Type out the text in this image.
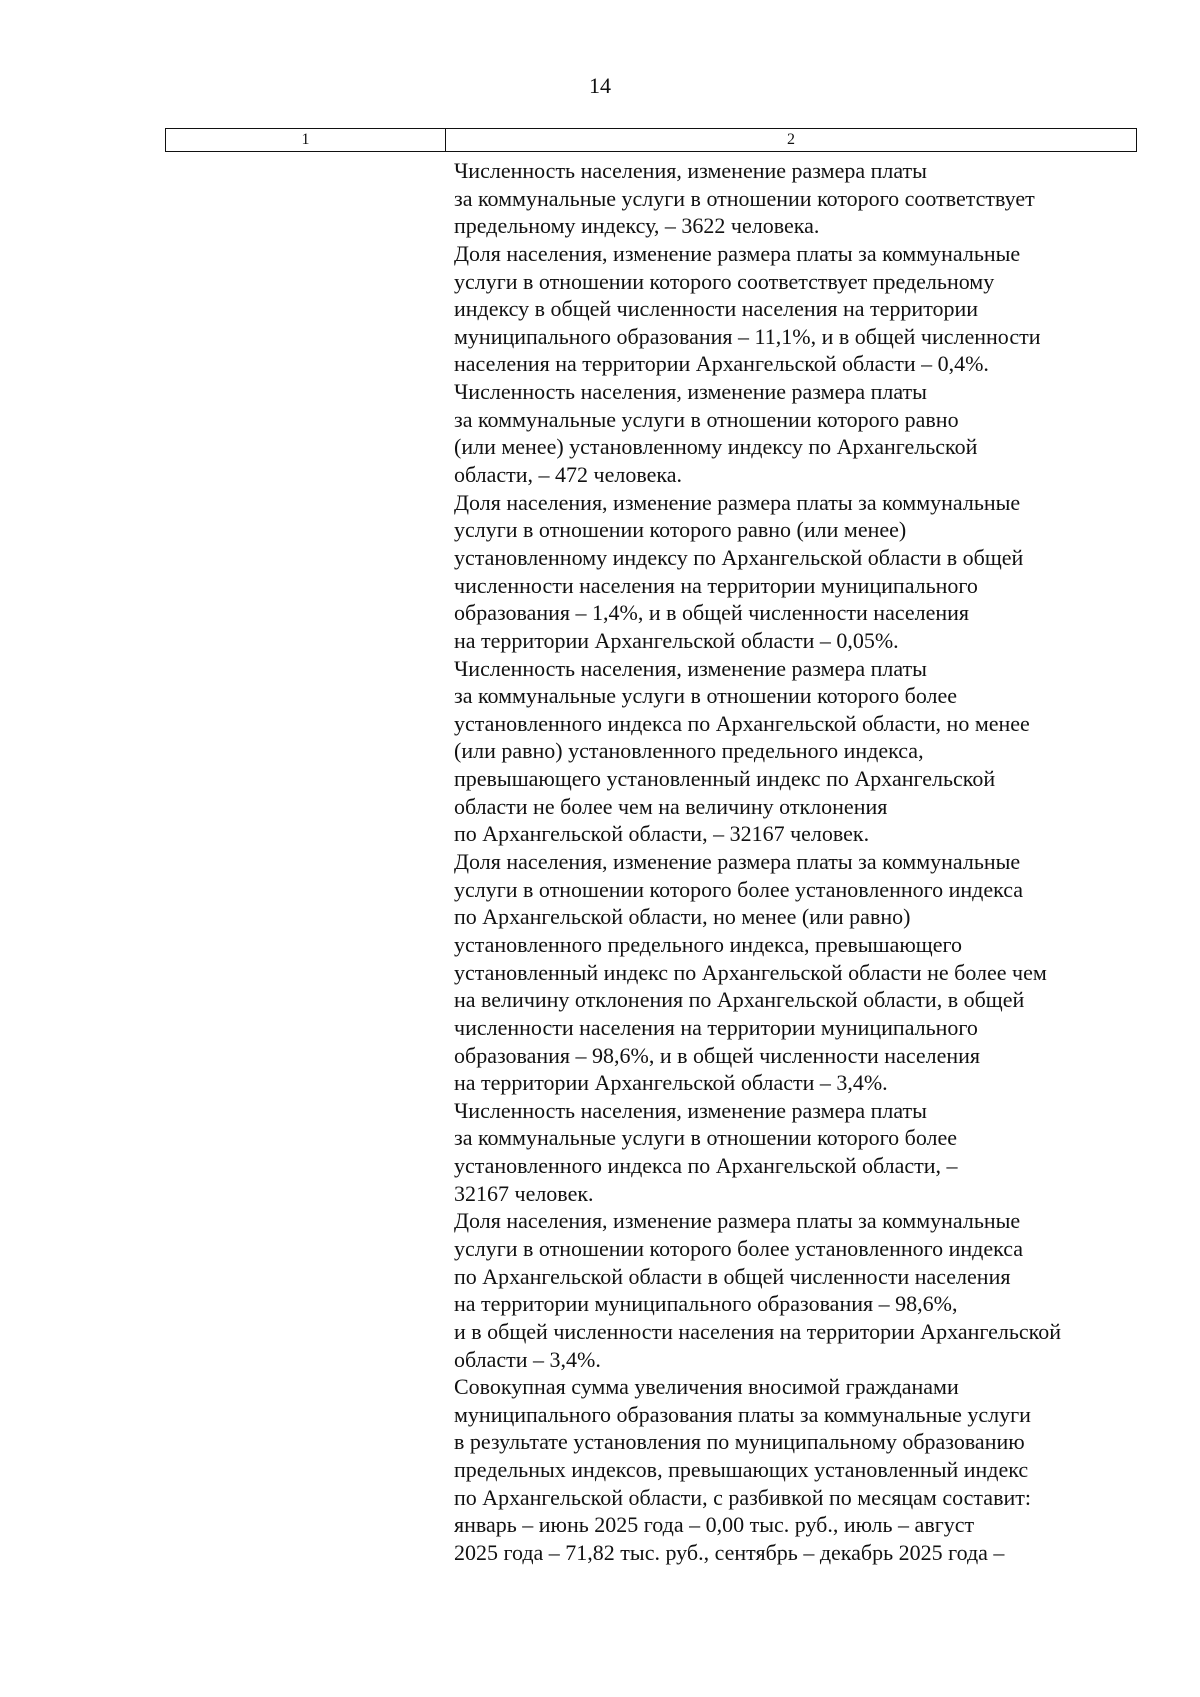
14
1	2
Численность населения, изменение размера платы
за коммунальные услуги в отношении которого соответствует
предельному индексу, – 3622 человека.
Доля населения, изменение размера платы за коммунальные
услуги в отношении которого соответствует предельному
индексу в общей численности населения на территории
муниципального образования – 11,1%, и в общей численности
населения на территории Архангельской области – 0,4%.
Численность населения, изменение размера платы
за коммунальные услуги в отношении которого равно
(или менее) установленному индексу по Архангельской
области, – 472 человека.
Доля населения, изменение размера платы за коммунальные
услуги в отношении которого равно (или менее)
установленному индексу по Архангельской области в общей
численности населения на территории муниципального
образования – 1,4%, и в общей численности населения
на территории Архангельской области – 0,05%.
Численность населения, изменение размера платы
за коммунальные услуги в отношении которого более
установленного индекса по Архангельской области, но менее
(или равно) установленного предельного индекса,
превышающего установленный индекс по Архангельской
области не более чем на величину отклонения
по Архангельской области, – 32167 человек.
Доля населения, изменение размера платы за коммунальные
услуги в отношении которого более установленного индекса
по Архангельской области, но менее (или равно)
установленного предельного индекса, превышающего
установленный индекс по Архангельской области не более чем
на величину отклонения по Архангельской области, в общей
численности населения на территории муниципального
образования – 98,6%, и в общей численности населения
на территории Архангельской области – 3,4%.
Численность населения, изменение размера платы
за коммунальные услуги в отношении которого более
установленного индекса по Архангельской области, –
32167 человек.
Доля населения, изменение размера платы за коммунальные
услуги в отношении которого более установленного индекса
по Архангельской области в общей численности населения
на территории муниципального образования – 98,6%,
и в общей численности населения на территории Архангельской
области – 3,4%.
Совокупная сумма увеличения вносимой гражданами
муниципального образования платы за коммунальные услуги
в результате установления по муниципальному образованию
предельных индексов, превышающих установленный индекс
по Архангельской области, с разбивкой по месяцам составит:
январь – июнь 2025 года – 0,00 тыс. руб., июль – август
2025 года – 71,82 тыс. руб., сентябрь – декабрь 2025 года –
